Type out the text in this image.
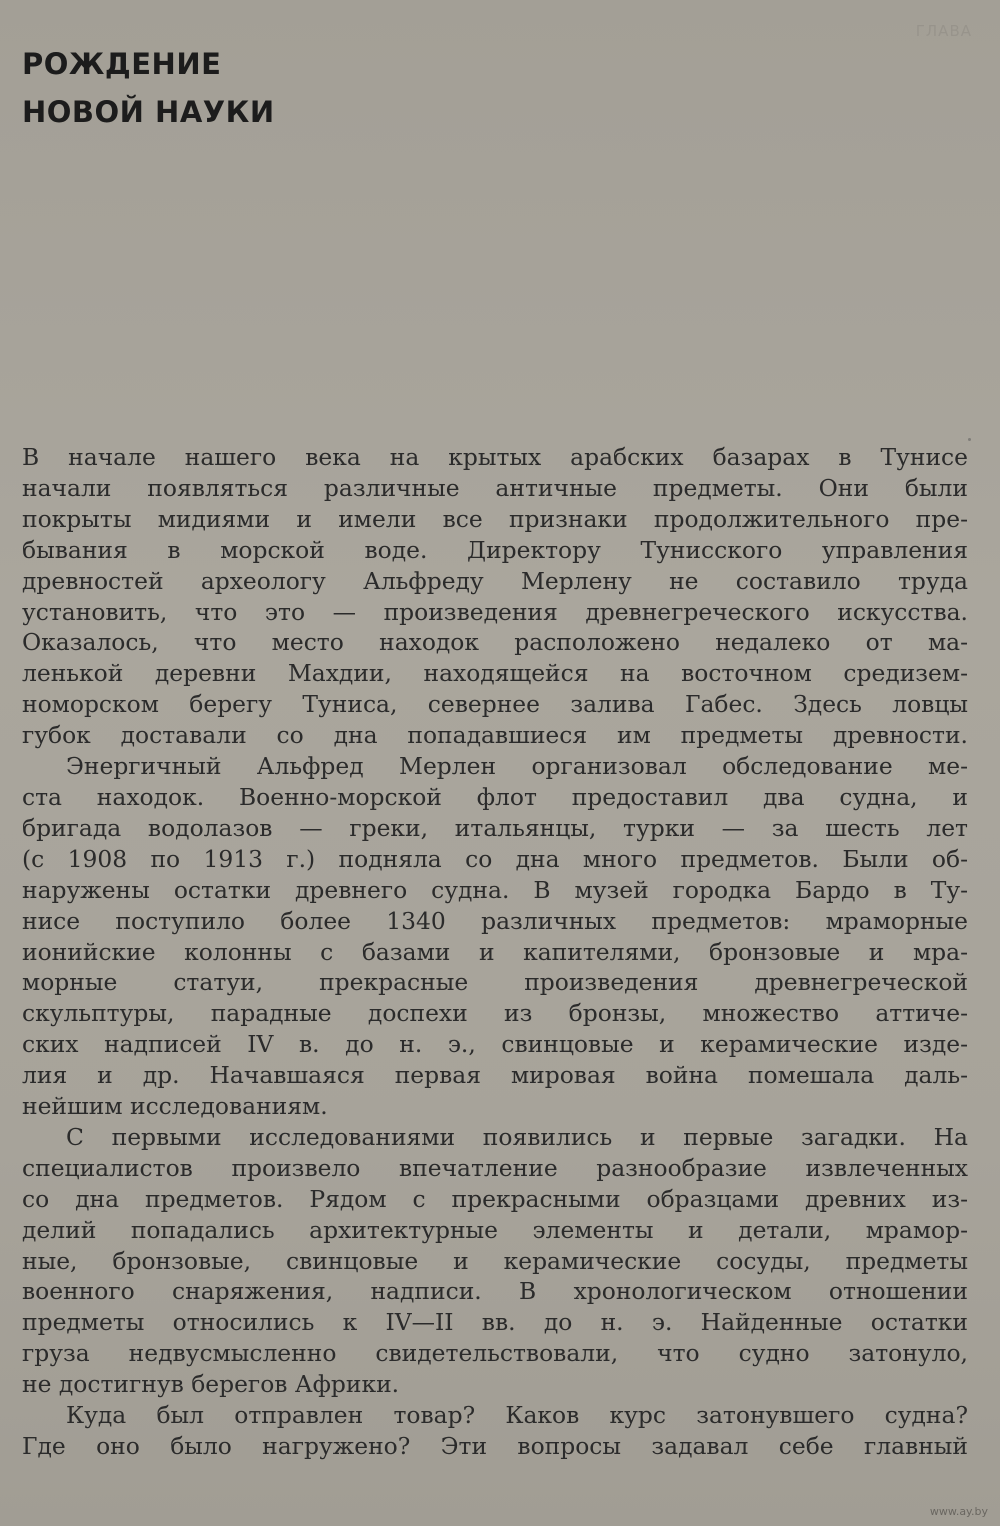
ГЛАВА
РОЖДЕНИЕ
НОВОЙ НАУКИ

В начале нашего века на крытых арабских базарах в Тунисе
начали появляться различные античные предметы. Они были
покрыты мидиями и имели все признаки продолжительного пре-
бывания в морской воде. Директору Тунисского управления
древностей археологу Альфреду Мерлену не составило труда
установить, что это — произведения древнегреческого искусства.
Оказалось, что место находок расположено недалеко от ма-
ленькой деревни Махдии, находящейся на восточном средизем-
номорском берегу Туниса, севернее залива Габес. Здесь ловцы
губок доставали со дна попадавшиеся им предметы древности.

Энергичный Альфред Мерлен организовал обследование ме-
ста находок. Военно-морской флот предоставил два судна, и
бригада водолазов — греки, итальянцы, турки — за шесть лет
(с 1908 по 1913 г.) подняла со дна много предметов. Были об-
наружены остатки древнего судна. В музей городка Бардо в Ту-
нисе поступило более 1340 различных предметов: мраморные
ионийские колонны с базами и капителями, бронзовые и мра-
морные статуи, прекрасные произведения древнегреческой
скульптуры, парадные доспехи из бронзы, множество аттиче-
ских надписей IV в. до н. э., свинцовые и керамические изде-
лия и др. Начавшаяся первая мировая война помешала даль-
нейшим исследованиям.

С первыми исследованиями появились и первые загадки. На
специалистов произвело впечатление разнообразие извлеченных
со дна предметов. Рядом с прекрасными образцами древних из-
делий попадались архитектурные элементы и детали, мрамор-
ные, бронзовые, свинцовые и керамические сосуды, предметы
военного снаряжения, надписи. В хронологическом отношении
предметы относились к IV—II вв. до н. э. Найденные остатки
груза недвусмысленно свидетельствовали, что судно затонуло,
не достигнув берегов Африки.

Куда был отправлен товар? Каков курс затонувшего судна?
Где оно было нагружено? Эти вопросы задавал себе главный

www.ay.by
